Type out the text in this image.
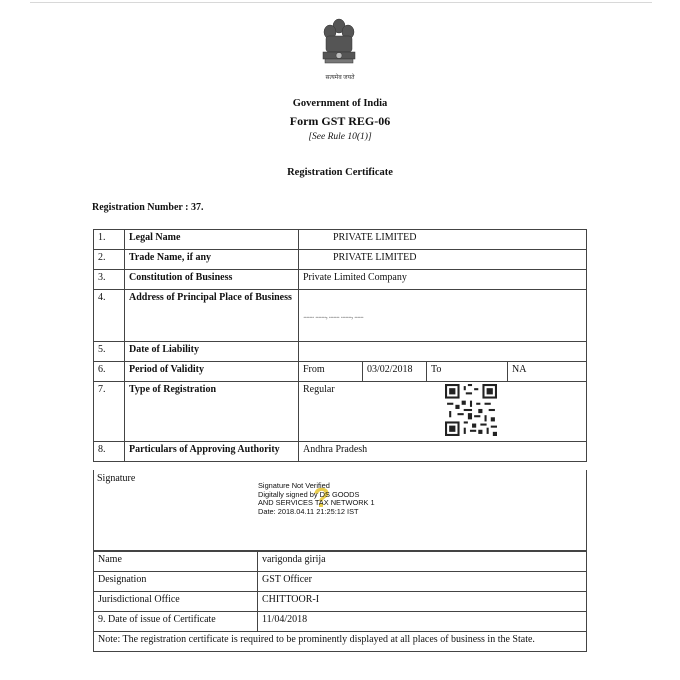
सत्यमेव जयते
Government of India
Form GST REG-06
[See Rule 10(1)]
Registration Certificate
Registration Number : 37.
1.	Legal Name	PRIVATE LIMITED			
2.	Trade Name, if any	PRIVATE LIMITED			
3.	Constitution of Business	Private Limited Company			
4.	Address of Principal Place of Business	....... ......., ....... ......., ......			
5.	Date of Liability				
6.	Period of Validity	From	03/02/2018	To	NA
7.	Type of Registration	Regular			

8.	Particulars of Approving Authority	Andhra Pradesh			
Signature
?
Signature Not Verified
Digitally signed by DS GOODS
AND SERVICES TAX NETWORK 1
Date: 2018.04.11 21:25:12 IST
Name	varigonda girija
Designation	GST Officer
Jurisdictional Office	CHITTOOR-I
9. Date of issue of Certificate	11/04/2018
Note: The registration certificate is required to be prominently displayed at all places of business in the State.	
